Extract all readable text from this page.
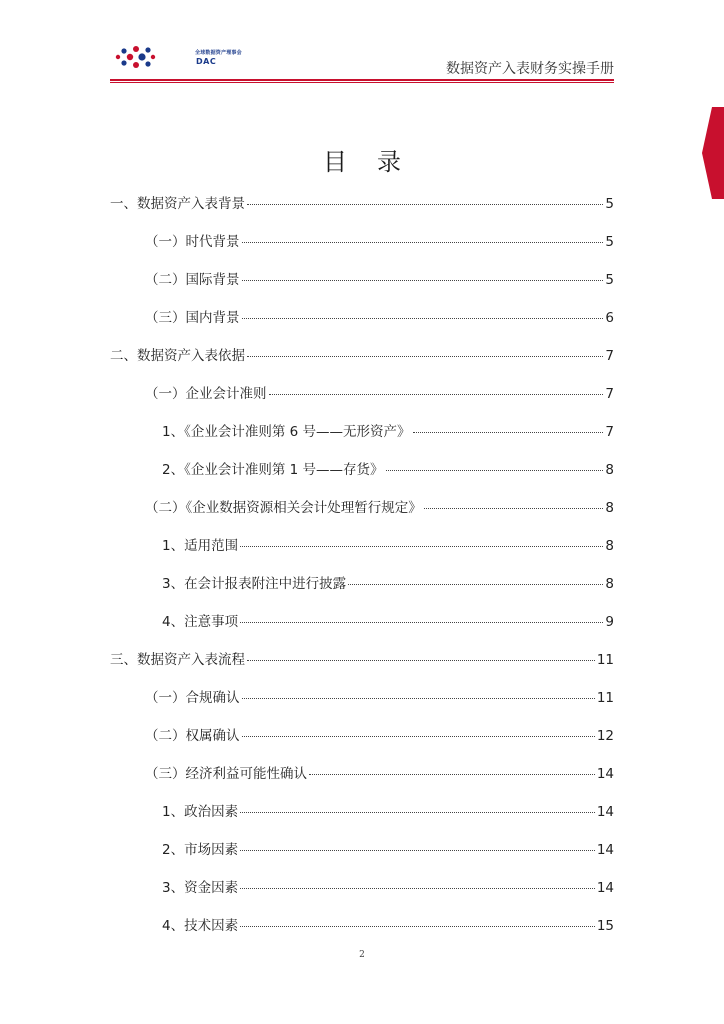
全球数据资产理事会
DAC	数据资产入表财务实操手册
目录
一、数据资产入表背景	5
（一）时代背景	5
（二）国际背景	5
（三）国内背景	6
二、数据资产入表依据	7
（一）企业会计准则	7
1、《企业会计准则第 6 号——无形资产》	7
2、《企业会计准则第 1 号——存货》	8
（二）《企业数据资源相关会计处理暂行规定》	8
1、适用范围	8
3、在会计报表附注中进行披露	8
4、注意事项	9
三、数据资产入表流程	11
（一）合规确认	11
（二）权属确认	12
（三）经济利益可能性确认	14
1、政治因素	14
2、市场因素	14
3、资金因素	14
4、技术因素	15
2
